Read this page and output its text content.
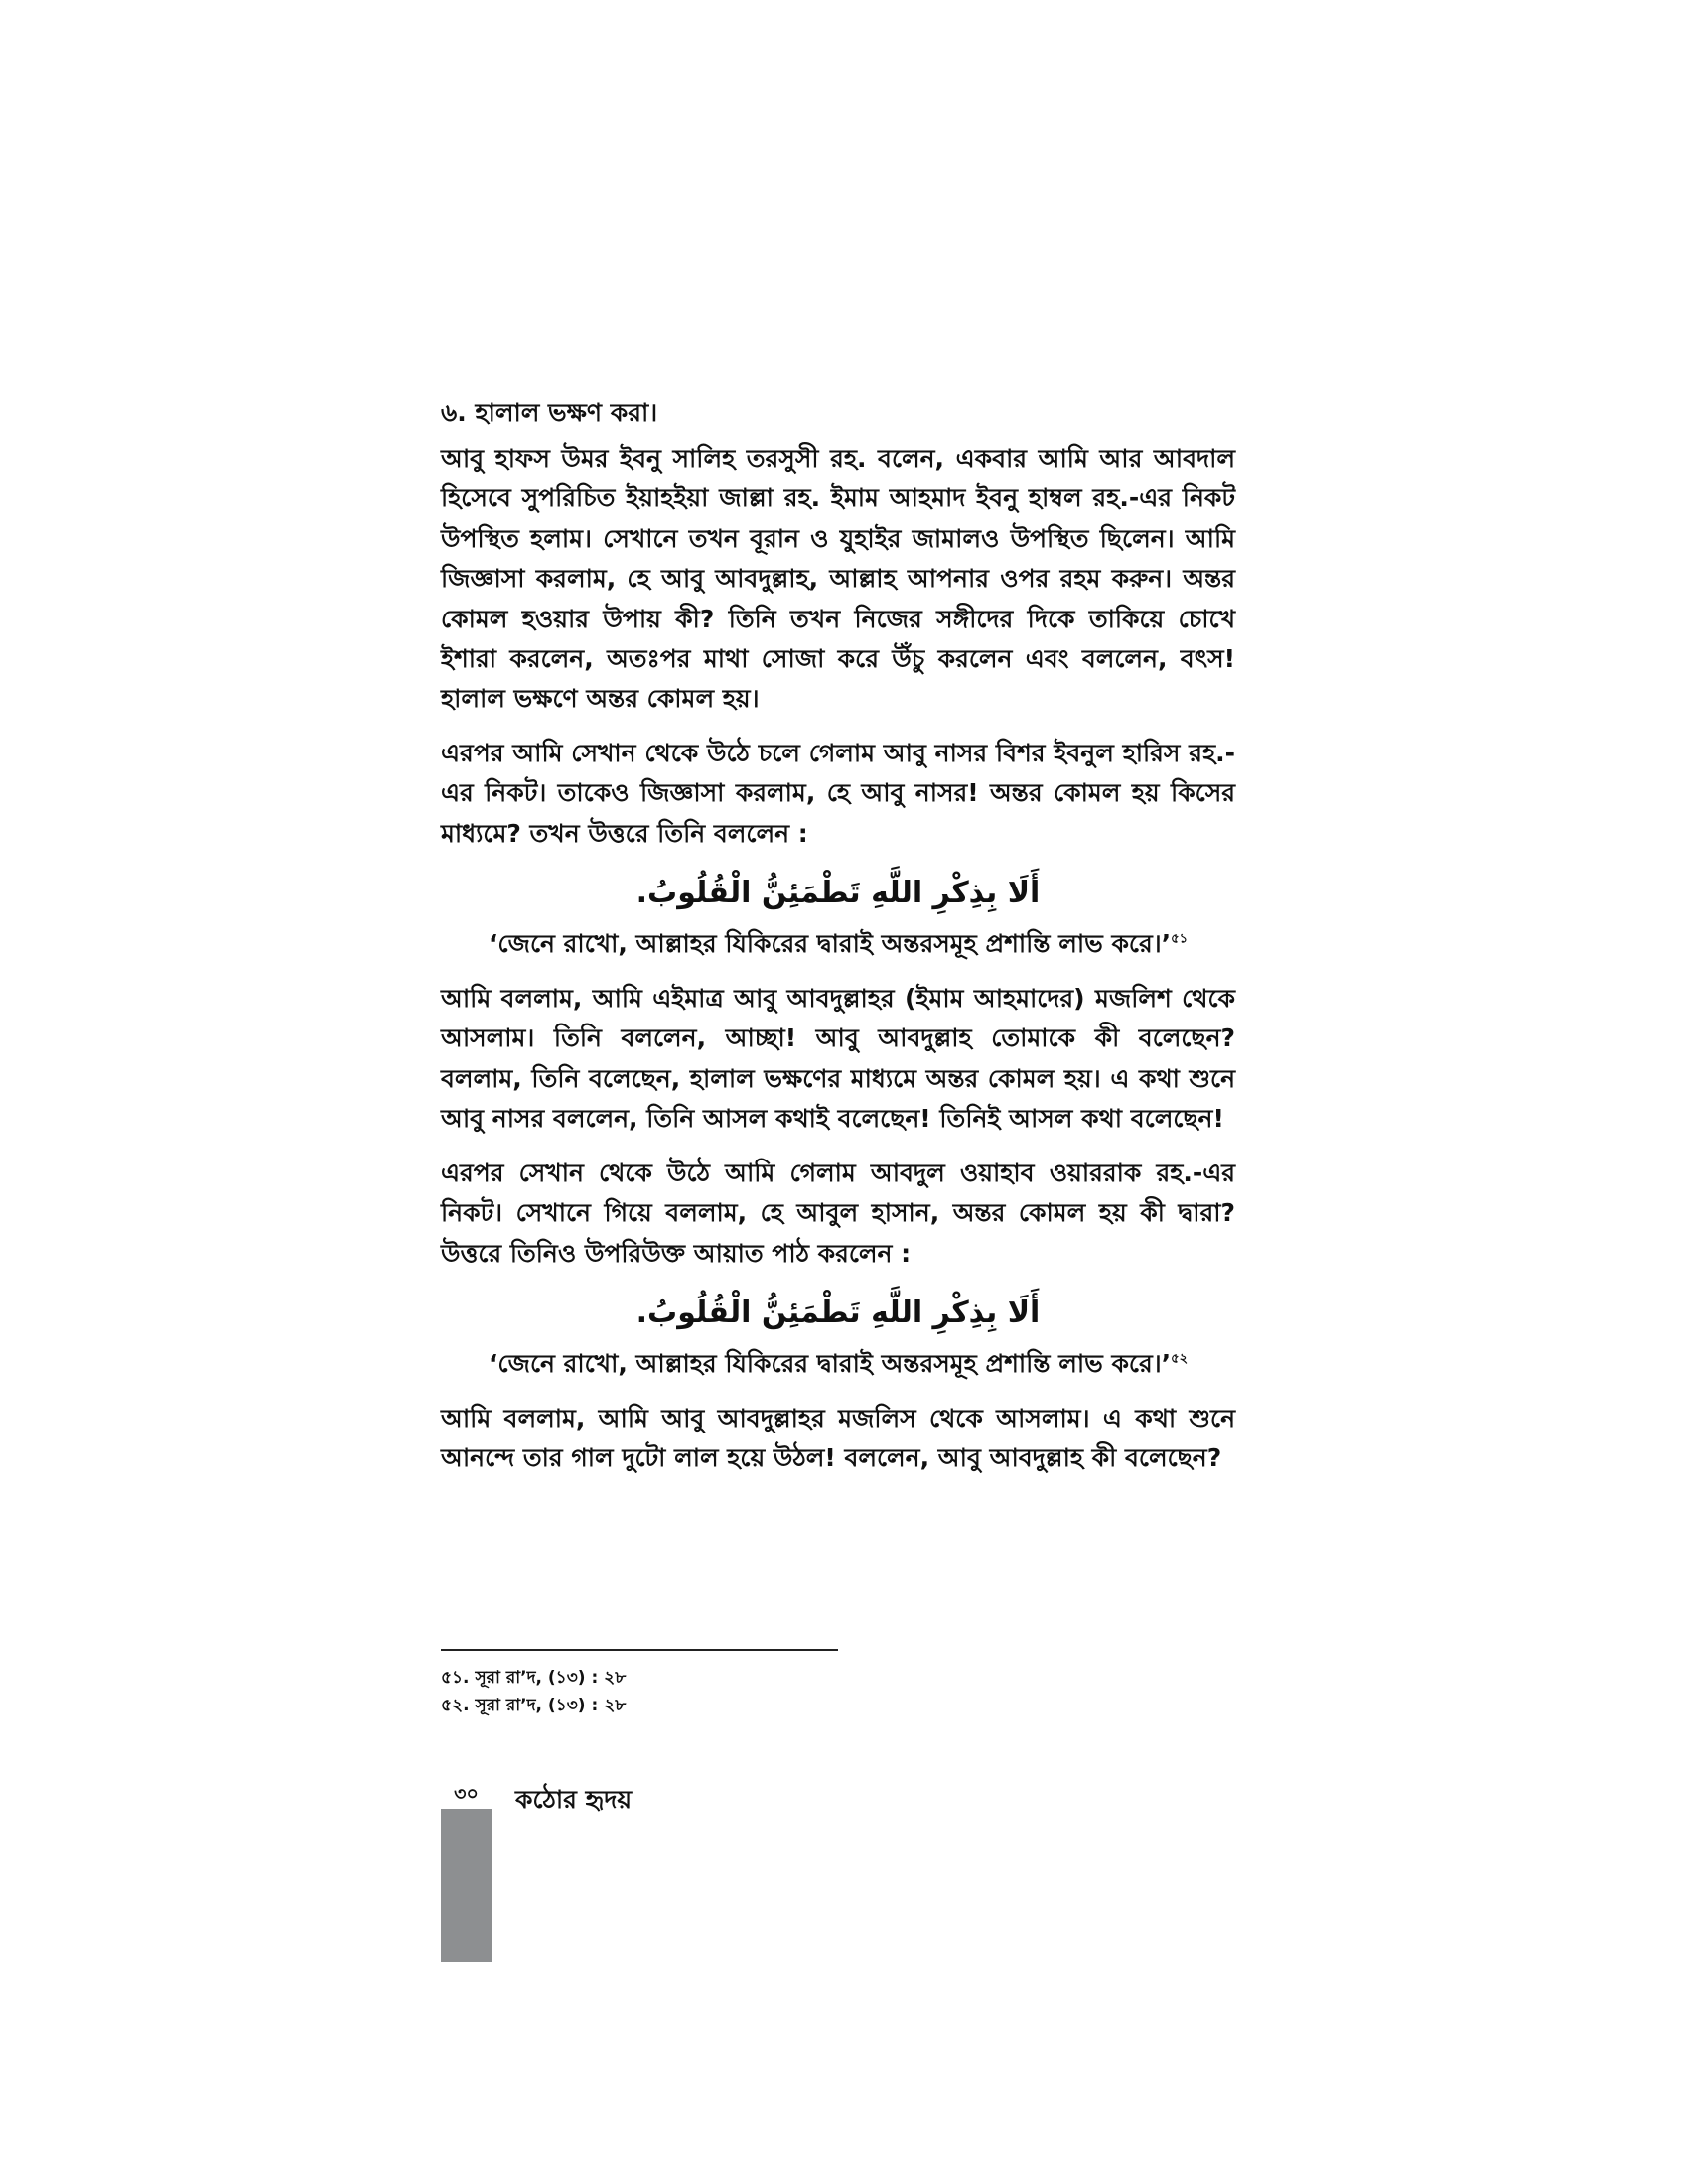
৬. হালাল ভক্ষণ করা।

আবু হাফস উমর ইবনু সালিহ তরসুসী রহ. বলেন, একবার আমি আর আবদাল হিসেবে সুপরিচিত ইয়াহইয়া জাল্লা রহ. ইমাম আহমাদ ইবনু হাম্বল রহ.-এর নিকট উপস্থিত হলাম। সেখানে তখন বূরান ও যুহাইর জামালও উপস্থিত ছিলেন। আমি জিজ্ঞাসা করলাম, হে আবু আবদুল্লাহ, আল্লাহ আপনার ওপর রহম করুন। অন্তর কোমল হওয়ার উপায় কী? তিনি তখন নিজের সঙ্গীদের দিকে তাকিয়ে চোখে ইশারা করলেন, অতঃপর মাথা সোজা করে উঁচু করলেন এবং বললেন, বৎস! হালাল ভক্ষণে অন্তর কোমল হয়।

এরপর আমি সেখান থেকে উঠে চলে গেলাম আবু নাসর বিশর ইবনুল হারিস রহ.-এর নিকট। তাকেও জিজ্ঞাসা করলাম, হে আবু নাসর! অন্তর কোমল হয় কিসের মাধ্যমে? তখন উত্তরে তিনি বললেন :

أَلَا بِذِكْرِ اللَّهِ تَطْمَئِنُّ الْقُلُوبُ.

‘জেনে রাখো, আল্লাহর যিকিরের দ্বারাই অন্তরসমূহ প্রশান্তি লাভ করে।’$^{৫১}$

আমি বললাম, আমি এইমাত্র আবু আবদুল্লাহর (ইমাম আহমাদের) মজলিশ থেকে আসলাম। তিনি বললেন, আচ্ছা! আবু আবদুল্লাহ তোমাকে কী বলেছেন? বললাম, তিনি বলেছেন, হালাল ভক্ষণের মাধ্যমে অন্তর কোমল হয়। এ কথা শুনে আবু নাসর বললেন, তিনি আসল কথাই বলেছেন! তিনিই আসল কথা বলেছেন!

এরপর সেখান থেকে উঠে আমি গেলাম আবদুল ওয়াহাব ওয়াররাক রহ.-এর নিকট। সেখানে গিয়ে বললাম, হে আবুল হাসান, অন্তর কোমল হয় কী দ্বারা? উত্তরে তিনিও উপরিউক্ত আয়াত পাঠ করলেন :

أَلَا بِذِكْرِ اللَّهِ تَطْمَئِنُّ الْقُلُوبُ.

‘জেনে রাখো, আল্লাহর যিকিরের দ্বারাই অন্তরসমূহ প্রশান্তি লাভ করে।’$^{৫২}$

আমি বললাম, আমি আবু আবদুল্লাহর মজলিস থেকে আসলাম। এ কথা শুনে আনন্দে তার গাল দুটো লাল হয়ে উঠল! বললেন, আবু আবদুল্লাহ কী বলেছেন?

৫১. সূরা রা’দ, (১৩) : ২৮

৫২. সূরা রা’দ, (১৩) : ২৮

৩০	কঠোর হৃদয়
